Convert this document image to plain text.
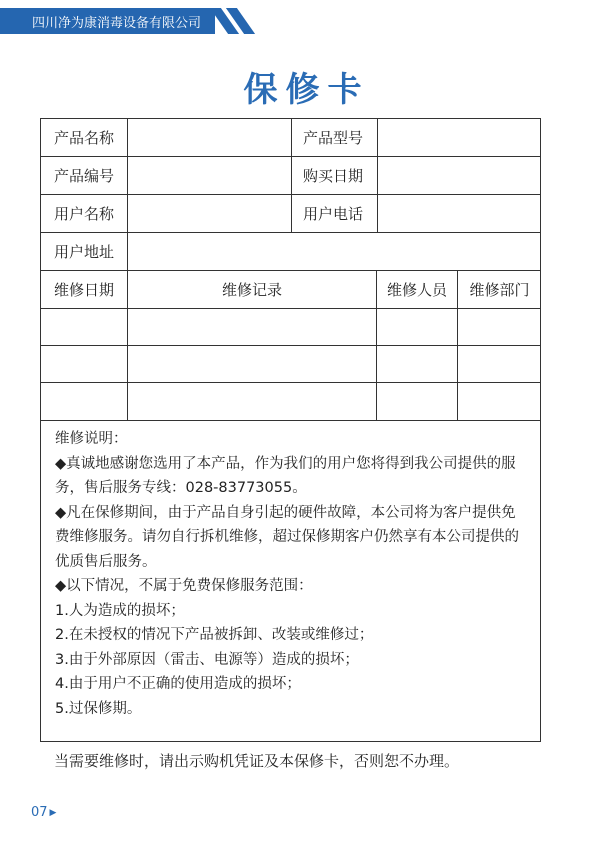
四川净为康消毒设备有限公司
保修卡
产品名称	产品型号
产品编号	购买日期
用户名称	用户电话
用户地址
维修日期	维修记录	维修人员	维修部门

维修说明：

◆真诚地感谢您选用了本产品，作为我们的用户您将得到我公司提供的服务，售后服务专线：028-83773055。

◆凡在保修期间，由于产品自身引起的硬件故障，本公司将为客户提供免费维修服务。请勿自行拆机维修，超过保修期客户仍然享有本公司提供的优质售后服务。

◆以下情况，不属于免费保修服务范围：

1.人为造成的损坏；

2.在未授权的情况下产品被拆卸、改装或维修过；

3.由于外部原因（雷击、电源等）造成的损坏；

4.由于用户不正确的使用造成的损坏；

5.过保修期。

当需要维修时，请出示购机凭证及本保修卡，否则恕不办理。
07 ▶
